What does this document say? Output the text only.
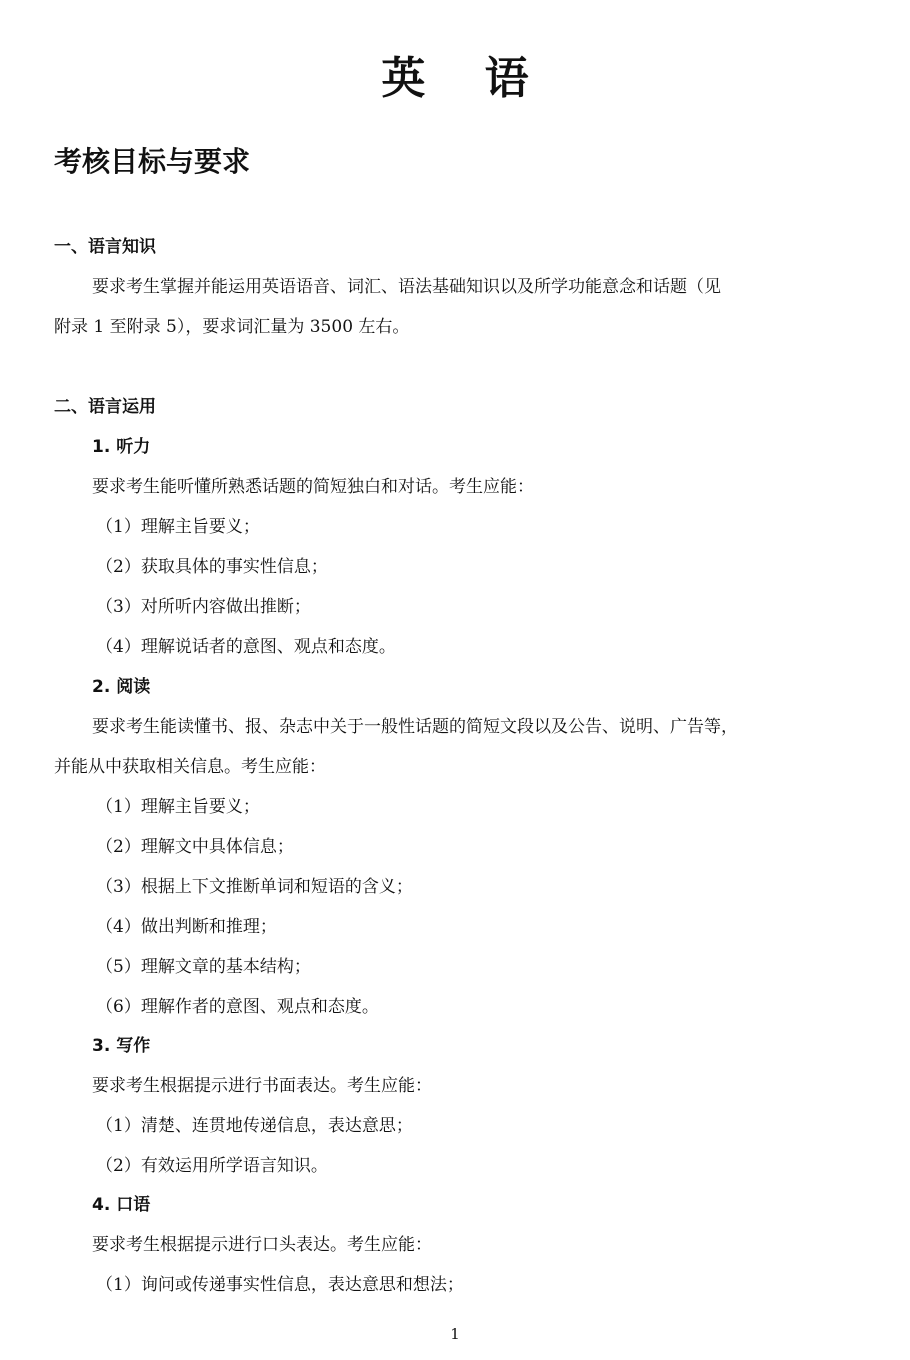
英 语
考核目标与要求
一、语言知识
要求考生掌握并能运用英语语音、词汇、语法基础知识以及所学功能意念和话题（见
附录 1 至附录 5），要求词汇量为 3500 左右。
二、语言运用
1. 听力
要求考生能听懂所熟悉话题的简短独白和对话。考生应能：
（1）理解主旨要义；
（2）获取具体的事实性信息；
（3）对所听内容做出推断；
（4）理解说话者的意图、观点和态度。
2. 阅读
要求考生能读懂书、报、杂志中关于一般性话题的简短文段以及公告、说明、广告等，
并能从中获取相关信息。考生应能：
（1）理解主旨要义；
（2）理解文中具体信息；
（3）根据上下文推断单词和短语的含义；
（4）做出判断和推理；
（5）理解文章的基本结构；
（6）理解作者的意图、观点和态度。
3. 写作
要求考生根据提示进行书面表达。考生应能：
（1）清楚、连贯地传递信息，表达意思；
（2）有效运用所学语言知识。
4. 口语
要求考生根据提示进行口头表达。考生应能：
（1）询问或传递事实性信息，表达意思和想法；
1
